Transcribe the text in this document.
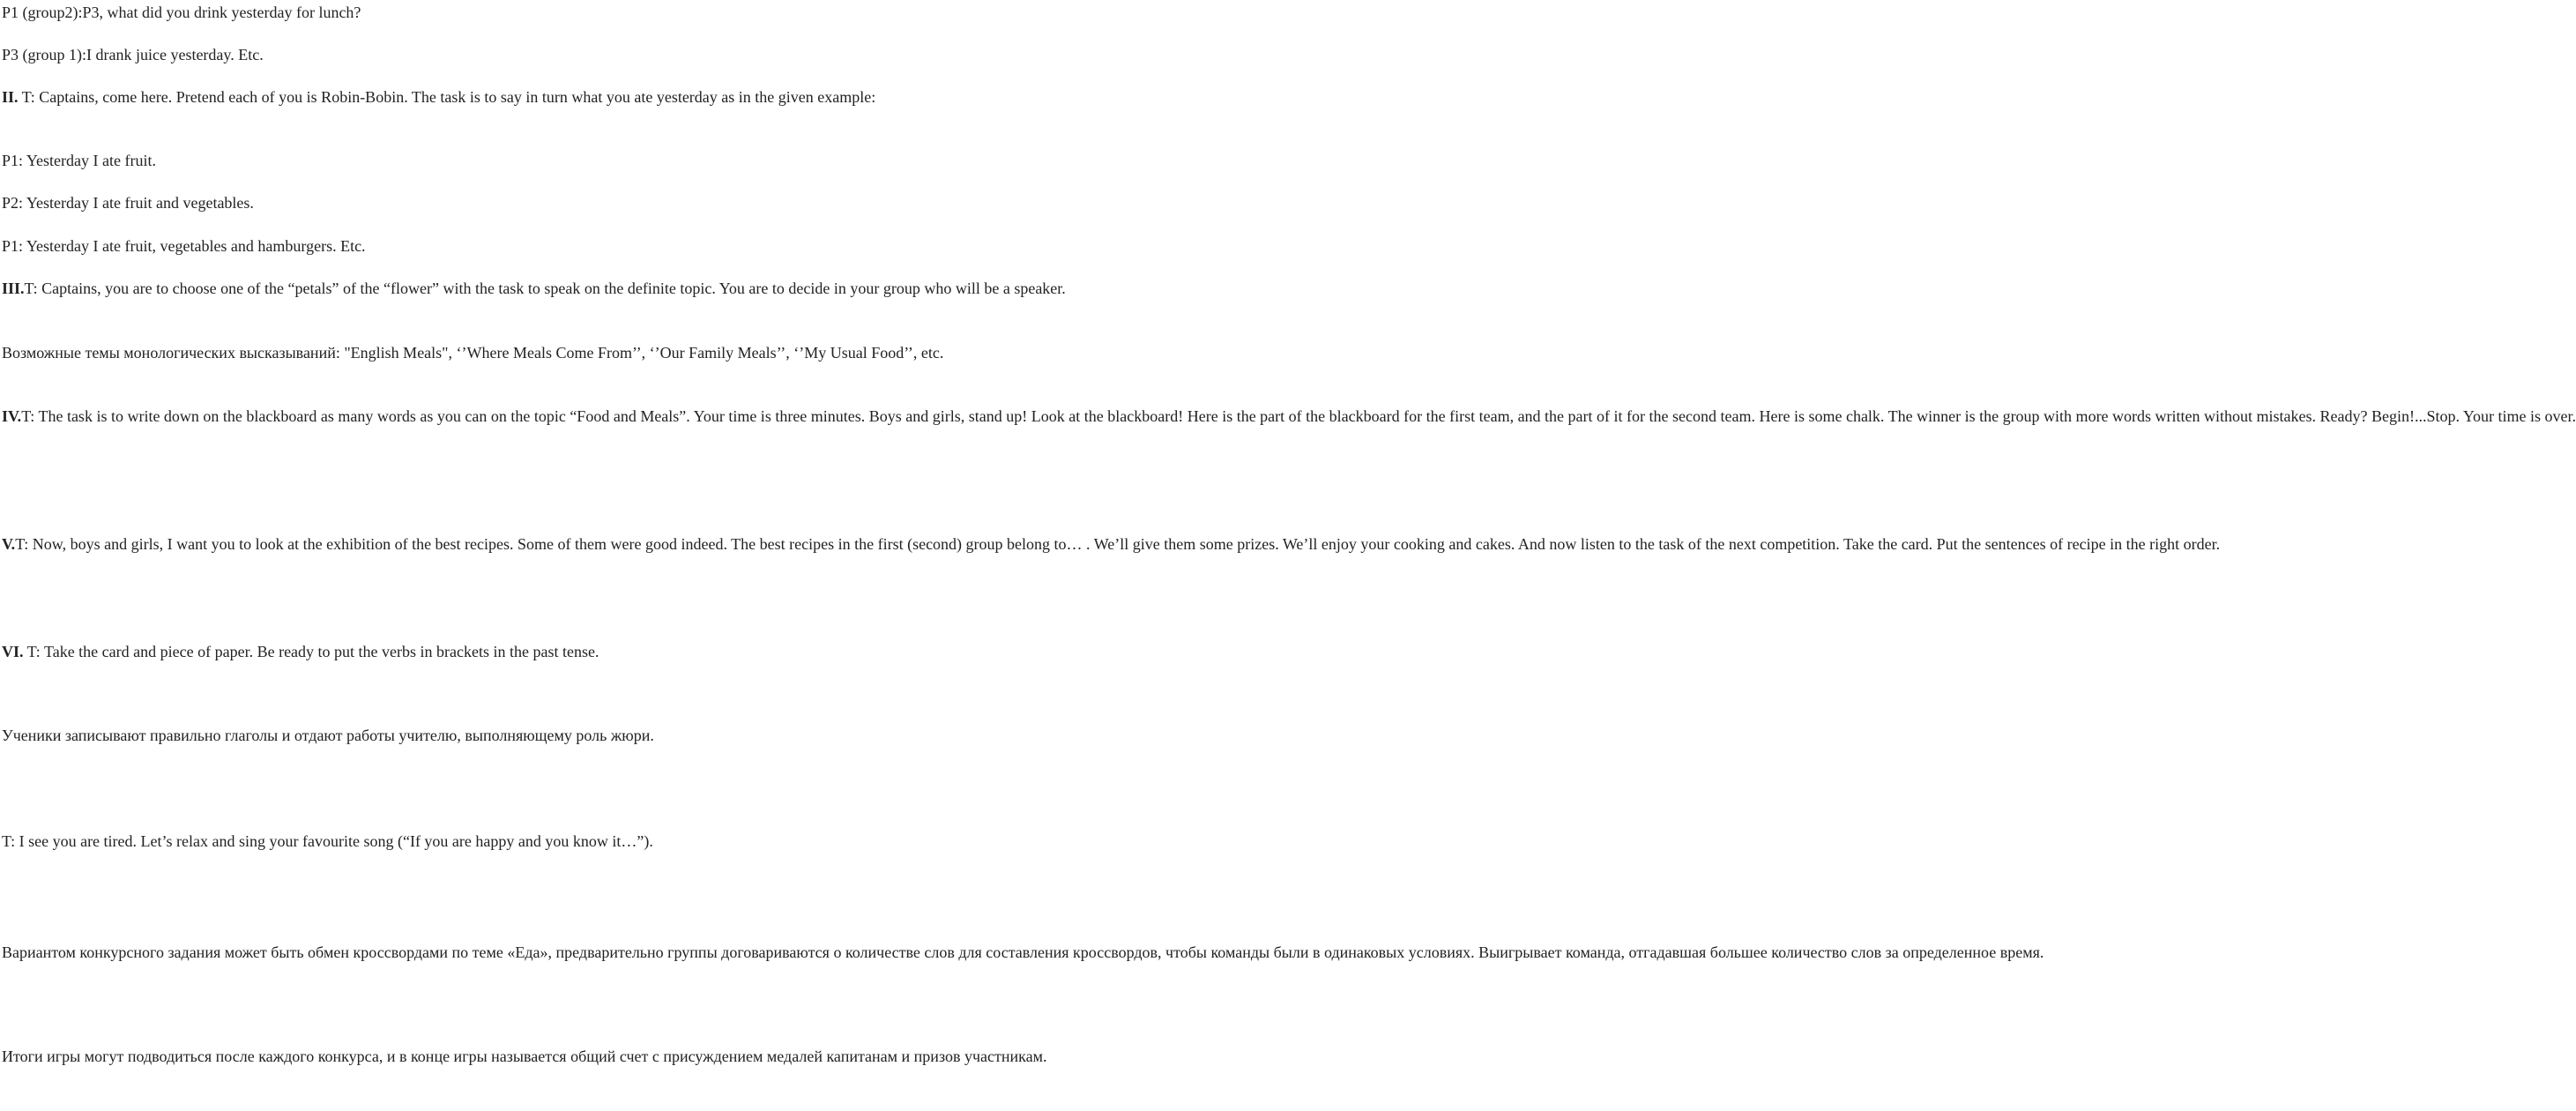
P1 (group2):P3, what did you drink yesterday for lunch?

P3 (group 1):I drank juice yesterday. Etc.

II. T: Captains, come here. Pretend each of you is Robin-Bobin. The task is to say in turn what you ate yesterday as in the given example:

P1: Yesterday I ate fruit.

P2: Yesterday I ate fruit and vegetables.

P1: Yesterday I ate fruit, vegetables and hamburgers. Etc.

III.T: Captains, you are to choose one of the “petals” of the “flower” with the task to speak on the definite topic. You are to decide in your group who will be a speaker.

Возможные темы монологических высказываний: "English Meals", ‘’Where Meals Come From’’, ‘’Our Family Meals’’, ‘’My Usual Food’’, etc.

IV.T: The task is to write down on the blackboard as many words as you can on the topic “Food and Meals”. Your time is three minutes. Boys and girls, stand up! Look at the blackboard! Here is the part of the blackboard for the first team, and the part of it for the second team. Here is some chalk. The winner is the group with more words written without mistakes. Ready? Begin!...Stop. Your time is over.

V.T: Now, boys and girls, I want you to look at the exhibition of the best recipes. Some of them were good indeed. The best recipes in the first (second) group belong to… . We’ll give them some prizes. We’ll enjoy your cooking and cakes. And now listen to the task of the next competition. Take the card. Put the sentences of recipe in the right order.

VI. T: Take the card and piece of paper. Be ready to put the verbs in brackets in the past tense.

Ученики записывают правильно глаголы и отдают работы учителю, выполняющему роль жюри.

T: I see you are tired. Let’s relax and sing your favourite song (“If you are happy and you know it…”).

Вариантом конкурсного задания может быть обмен кроссвордами по теме «Еда», предварительно группы договариваются о количестве слов для составления кроссвордов, чтобы команды были в одинаковых условиях. Выигрывает команда, отгадавшая большее количество слов за определенное время.

Итоги игры могут подводиться после каждого конкурса, и в конце игры называется общий счет с присуждением медалей капитанам и призов участникам.
